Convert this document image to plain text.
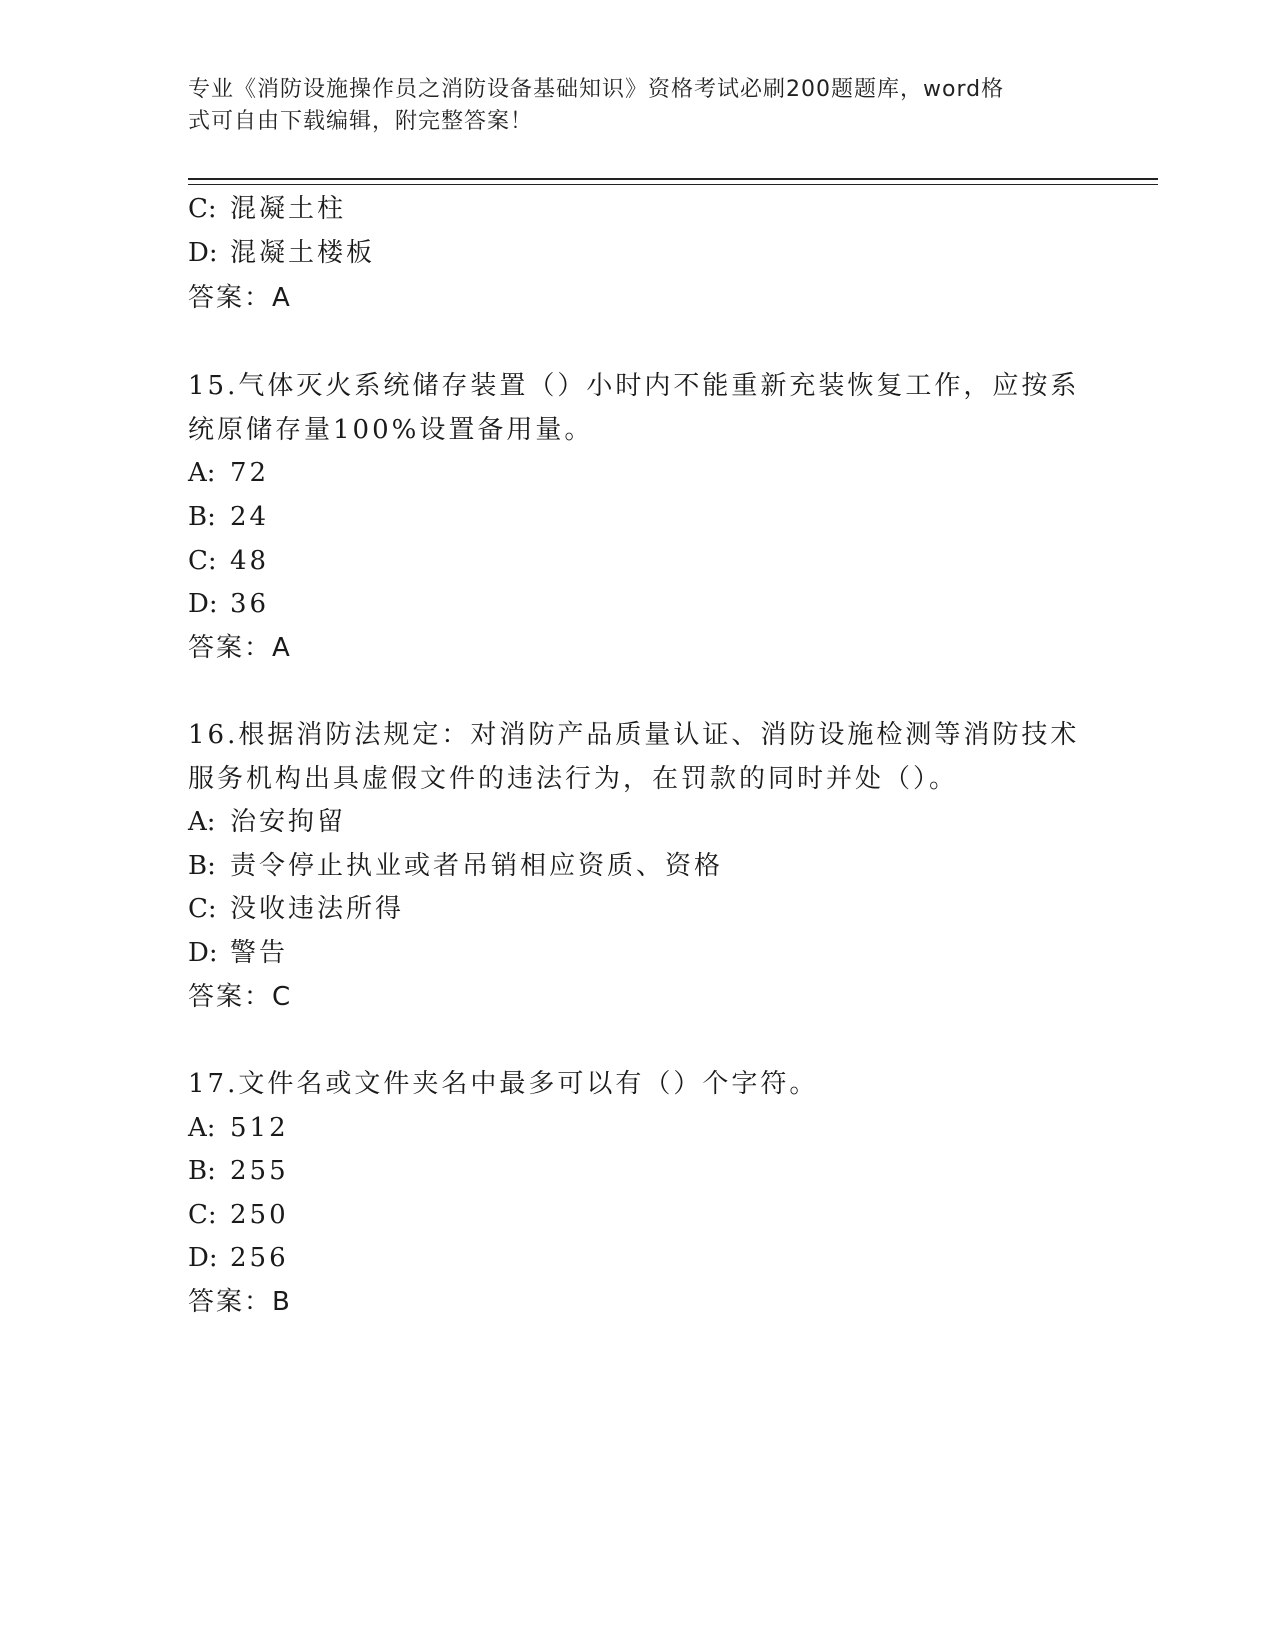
专业《消防设施操作员之消防设备基础知识》资格考试必刷200题题库，word格
式可自由下载编辑，附完整答案！
C: 混凝土柱
D: 混凝土楼板
答案：A
15.气体灭火系统储存装置（）小时内不能重新充装恢复工作，应按系
统原储存量100%设置备用量。
A: 72
B: 24
C: 48
D: 36
答案：A
16.根据消防法规定：对消防产品质量认证、消防设施检测等消防技术
服务机构出具虚假文件的违法行为，在罚款的同时并处（）。
A: 治安拘留
B: 责令停止执业或者吊销相应资质、资格
C: 没收违法所得
D: 警告
答案：C
17.文件名或文件夹名中最多可以有（）个字符。
A: 512
B: 255
C: 250
D: 256
答案：B
